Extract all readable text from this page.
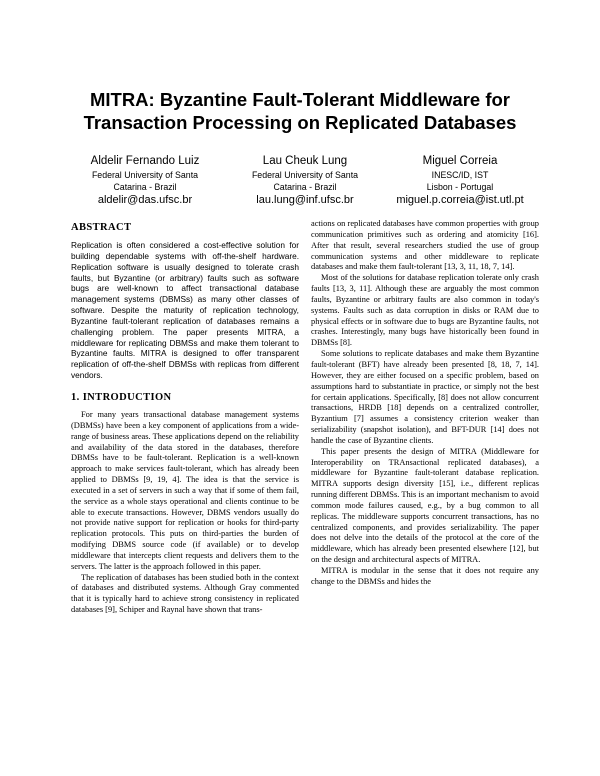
MITRA: Byzantine Fault-Tolerant Middleware for
Transaction Processing on Replicated Databases
Aldelir Fernando Luiz
Federal University of Santa
Catarina - Brazil
aldelir@das.ufsc.br
Lau Cheuk Lung
Federal University of Santa
Catarina - Brazil
lau.lung@inf.ufsc.br
Miguel Correia
INESC/ID, IST
Lisbon - Portugal
miguel.p.correia@ist.utl.pt
ABSTRACT

Replication is often considered a cost-effective solution for building dependable systems with off-the-shelf hardware. Replication software is usually designed to tolerate crash faults, but Byzantine (or arbitrary) faults such as software bugs are well-known to affect transactional database management systems (DBMSs) as many other classes of software. Despite the maturity of replication technology, Byzantine fault-tolerant replication of databases remains a challenging problem. The paper presents MITRA, a middleware for replicating DBMSs and make them tolerant to Byzantine faults. MITRA is designed to offer transparent replication of off-the-shelf DBMSs with replicas from different vendors.

1. INTRODUCTION

For many years transactional database management systems (DBMSs) have been a key component of applications from a wide-range of business areas. These applications depend on the reliability and availability of the data stored in the databases, therefore DBMSs have to be fault-tolerant. Replication is a well-known approach to make services fault-tolerant, which has already been applied to DBMSs [9, 19, 4]. The idea is that the service is executed in a set of servers in such a way that if some of them fail, the service as a whole stays operational and clients continue to be able to execute transactions. However, DBMS vendors usually do not provide native support for replication or hooks for third-party replication protocols. This puts on third-parties the burden of modifying DBMS source code (if available) or to develop middleware that intercepts client requests and delivers them to the servers. The latter is the approach followed in this paper.

The replication of databases has been studied both in the context of databases and distributed systems. Although Gray commented that it is typically hard to achieve strong consistency in replicated databases [9], Schiper and Raynal have shown that trans-

actions on replicated databases have common properties with group communication primitives such as ordering and atomicity [16]. After that result, several researchers studied the use of group communication systems and other middleware to replicate databases and make them fault-tolerant [13, 3, 11, 18, 7, 14].

Most of the solutions for database replication tolerate only crash faults [13, 3, 11]. Although these are arguably the most common faults, Byzantine or arbitrary faults are also common in today's systems. Faults such as data corruption in disks or RAM due to physical effects or in software due to bugs are Byzantine faults, not crashes. Interestingly, many bugs have historically been found in DBMSs [8].

Some solutions to replicate databases and make them Byzantine fault-tolerant (BFT) have already been presented [8, 18, 7, 14]. However, they are either focused on a specific problem, based on assumptions hard to substantiate in practice, or simply not the best for certain applications. Specifically, [8] does not allow concurrent transactions, HRDB [18] depends on a centralized controller, Byzantium [7] assumes a consistency criterion weaker than serializability (snapshot isolation), and BFT-DUR [14] does not handle the case of Byzantine clients.

This paper presents the design of MITRA (Middleware for Interoperability on TRAnsactional replicated databases), a middleware for Byzantine fault-tolerant database replication. MITRA supports design diversity [15], i.e., different replicas running different DBMSs. This is an important mechanism to avoid common mode failures caused, e.g., by a bug common to all replicas. The middleware supports concurrent transactions, has no centralized components, and provides serializability. The paper does not delve into the details of the protocol at the core of the middleware, which has already been presented elsewhere [12], but on the design and architectural aspects of MITRA.

MITRA is modular in the sense that it does not require any change to the DBMSs and hides the
